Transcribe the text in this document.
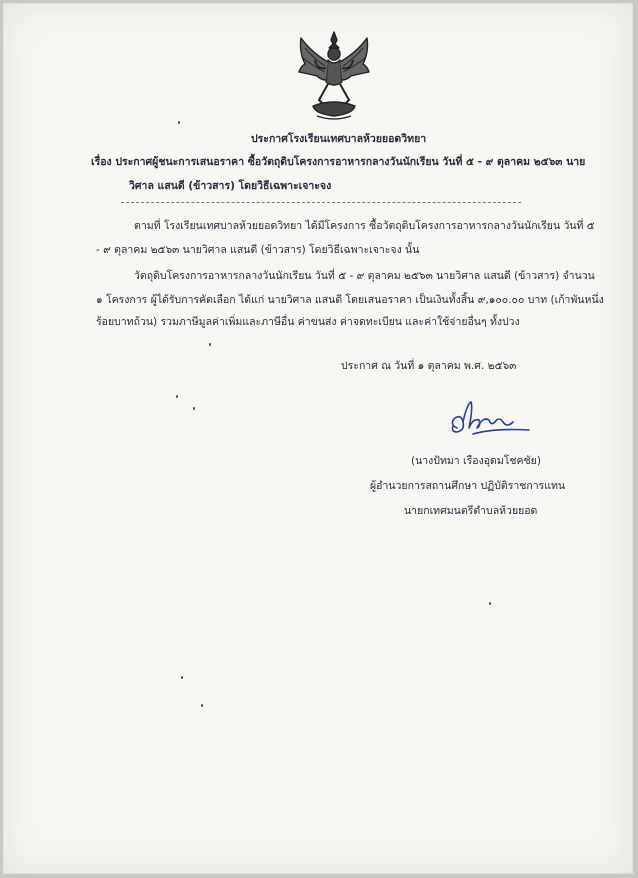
ประกาศโรงเรียนเทศบาลห้วยยอดวิทยา
เรื่อง ประกาศผู้ชนะการเสนอราคา ซื้อวัตถุดิบโครงการอาหารกลางวันนักเรียน วันที่ ๕ - ๙ ตุลาคม ๒๕๖๓ นาย
วิศาล แสนดี (ข้าวสาร) โดยวิธีเฉพาะเจาะจง
ตามที่ โรงเรียนเทศบาลห้วยยอดวิทยา ได้มีโครงการ ซื้อวัตถุดิบโครงการอาหารกลางวันนักเรียน วันที่ ๕
- ๙ ตุลาคม ๒๕๖๓ นายวิศาล แสนดี (ข้าวสาร) โดยวิธีเฉพาะเจาะจง นั้น
วัตถุดิบโครงการอาหารกลางวันนักเรียน วันที่ ๕ - ๙ ตุลาคม ๒๕๖๓ นายวิศาล แสนดี (ข้าวสาร) จำนวน
๑ โครงการ ผู้ได้รับการคัดเลือก ได้แก่ นายวิศาล แสนดี โดยเสนอราคา เป็นเงินทั้งสิ้น ๙,๑๐๐.๐๐ บาท (เก้าพันหนึ่ง
ร้อยบาทถ้วน) รวมภาษีมูลค่าเพิ่มและภาษีอื่น ค่าขนส่ง ค่าจดทะเบียน และค่าใช้จ่ายอื่นๆ ทั้งปวง
ประกาศ ณ วันที่ ๑ ตุลาคม พ.ศ. ๒๕๖๓
(นางปัทมา เรืองอุดมโชคชัย)
ผู้อำนวยการสถานศึกษา ปฏิบัติราชการแทน
นายกเทศมนตรีตำบลห้วยยอด
